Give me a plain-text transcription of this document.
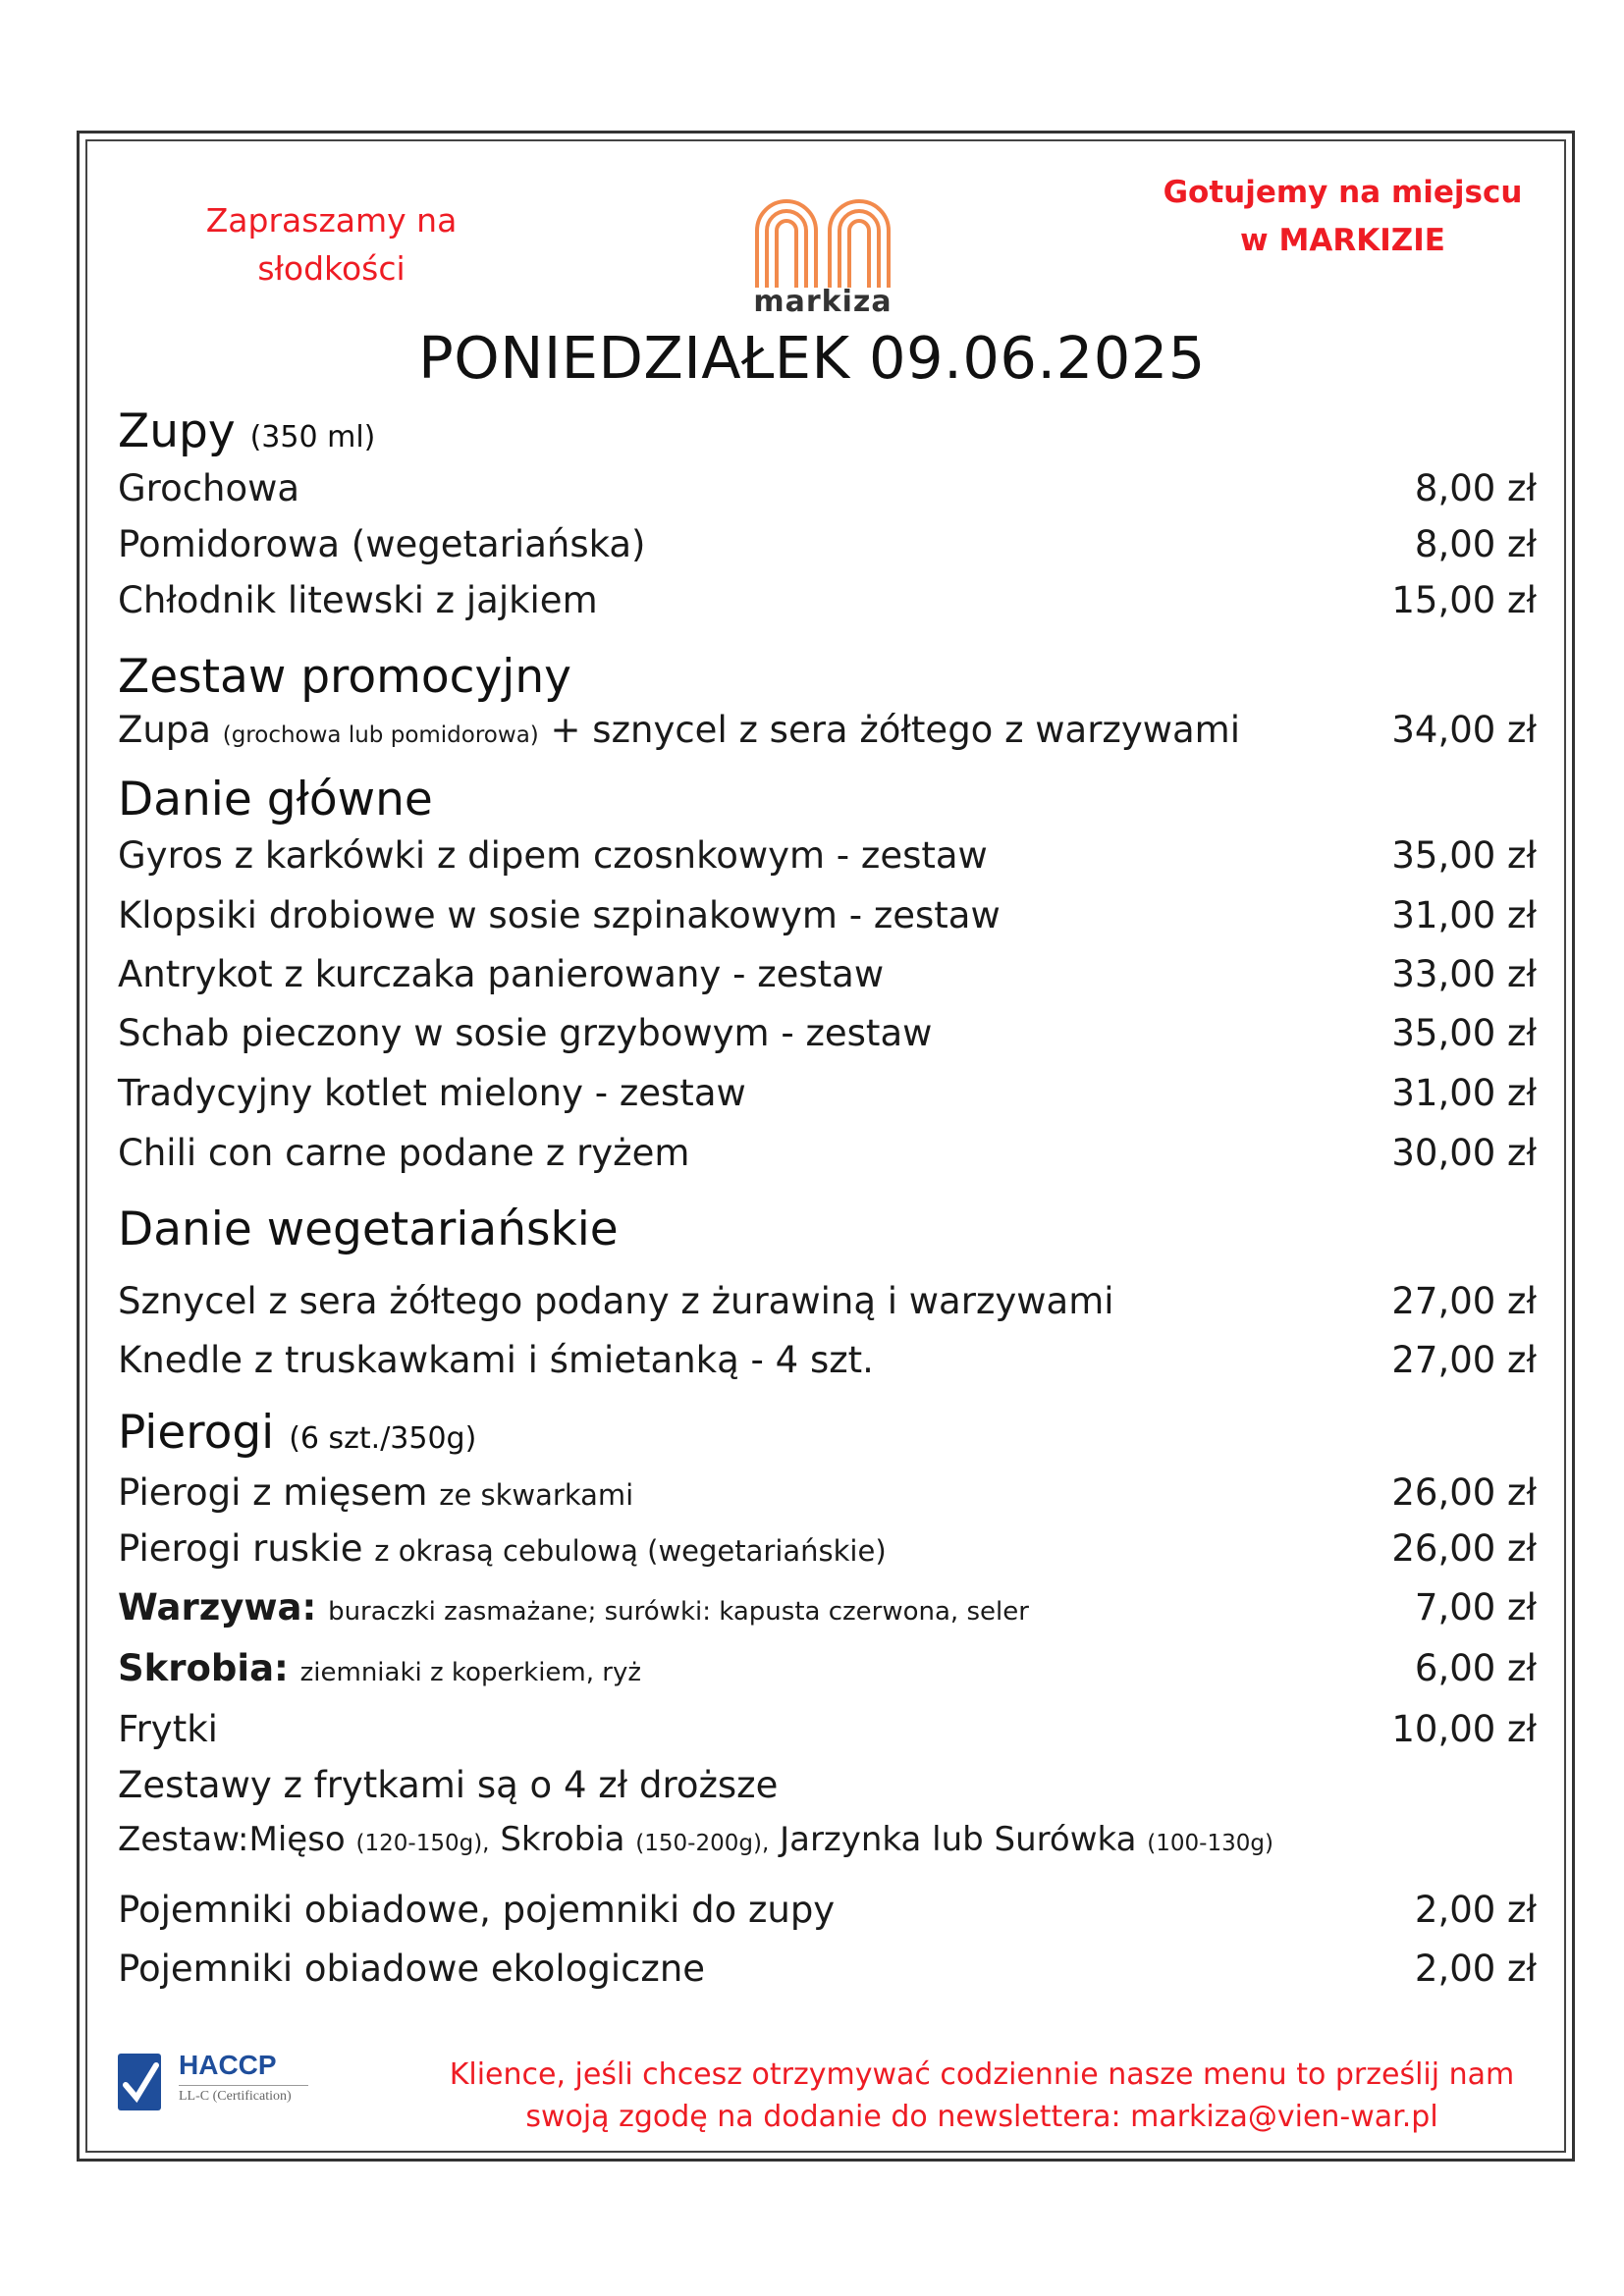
Zapraszamy na
słodkości
Gotujemy na miejscu
w MARKIZIE
markiza
PONIEDZIAŁEK 09.06.2025
Zupy (350 ml)
Grochowa	8,00 zł
Pomidorowa (wegetariańska)	8,00 zł
Chłodnik litewski z jajkiem	15,00 zł
Zestaw promocyjny
Zupa (grochowa lub pomidorowa) + sznycel z sera żółtego z warzywami	34,00 zł
Danie główne
Gyros z karkówki z dipem czosnkowym - zestaw	35,00 zł
Klopsiki drobiowe w sosie szpinakowym - zestaw	31,00 zł
Antrykot z kurczaka panierowany - zestaw	33,00 zł
Schab pieczony w sosie grzybowym - zestaw	35,00 zł
Tradycyjny kotlet mielony - zestaw	31,00 zł
Chili con carne podane z ryżem	30,00 zł
Danie wegetariańskie
Sznycel z sera żółtego podany z żurawiną i warzywami	27,00 zł
Knedle z truskawkami i śmietanką - 4 szt.	27,00 zł
Pierogi (6 szt./350g)
Pierogi z mięsem ze skwarkami	26,00 zł
Pierogi ruskie z okrasą cebulową (wegetariańskie)	26,00 zł
Warzywa: buraczki zasmażane; surówki: kapusta czerwona, seler	7,00 zł
Skrobia: ziemniaki z koperkiem, ryż	6,00 zł
Frytki	10,00 zł
Zestawy z frytkami są o 4 zł droższe
Zestaw:Mięso (120-150g), Skrobia (150-200g), Jarzynka lub Surówka (100-130g)
Pojemniki obiadowe, pojemniki do zupy	2,00 zł
Pojemniki obiadowe ekologiczne	2,00 zł
HACCP
LL-C (Certification)
Klience, jeśli chcesz otrzymywać codziennie nasze menu to prześlij nam
swoją zgodę na dodanie do newslettera: markiza@vien-war.pl
